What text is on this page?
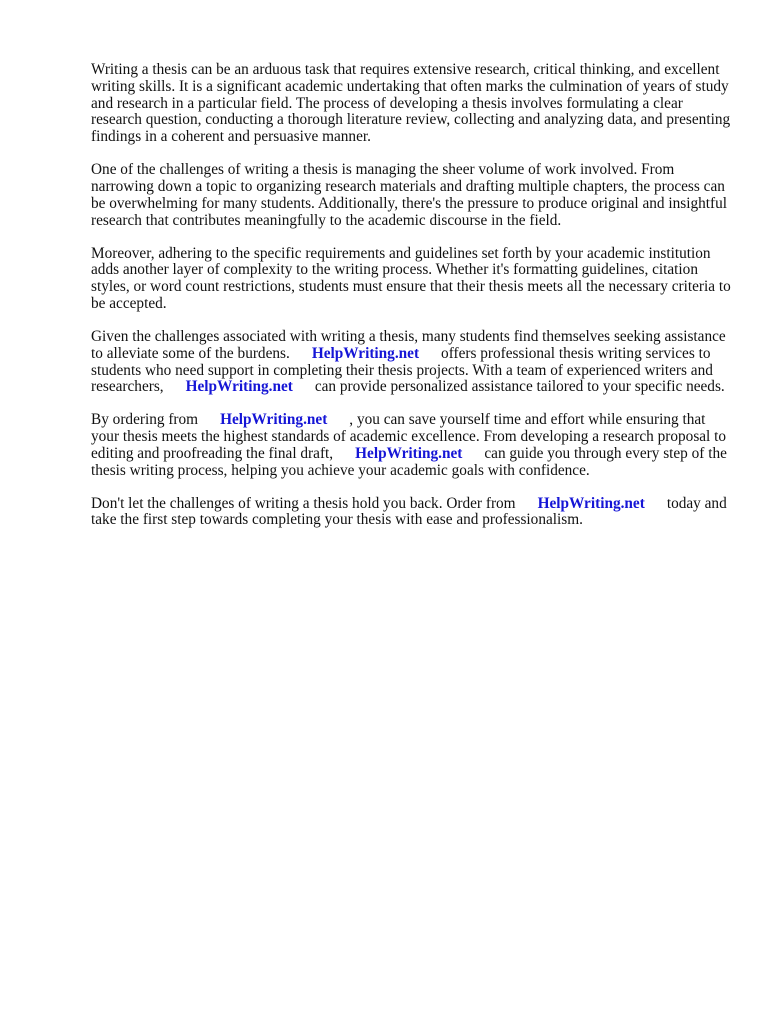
Writing a thesis can be an arduous task that requires extensive research, critical thinking, and excellent writing skills. It is a significant academic undertaking that often marks the culmination of years of study and research in a particular field. The process of developing a thesis involves formulating a clear research question, conducting a thorough literature review, collecting and analyzing data, and presenting findings in a coherent and persuasive manner.

One of the challenges of writing a thesis is managing the sheer volume of work involved. From narrowing down a topic to organizing research materials and drafting multiple chapters, the process can be overwhelming for many students. Additionally, there's the pressure to produce original and insightful research that contributes meaningfully to the academic discourse in the field.

Moreover, adhering to the specific requirements and guidelines set forth by your academic institution adds another layer of complexity to the writing process. Whether it's formatting guidelines, citation styles, or word count restrictions, students must ensure that their thesis meets all the necessary criteria to be accepted.

Given the challenges associated with writing a thesis, many students find themselves seeking assistance to alleviate some of the burdens. HelpWriting.net offers professional thesis writing services to students who need support in completing their thesis projects. With a team of experienced writers and researchers, HelpWriting.net can provide personalized assistance tailored to your specific needs.

By ordering from HelpWriting.net , you can save yourself time and effort while ensuring that your thesis meets the highest standards of academic excellence. From developing a research proposal to editing and proofreading the final draft, HelpWriting.net can guide you through every step of the thesis writing process, helping you achieve your academic goals with confidence.

Don't let the challenges of writing a thesis hold you back. Order from HelpWriting.net today and take the first step towards completing your thesis with ease and professionalism.
